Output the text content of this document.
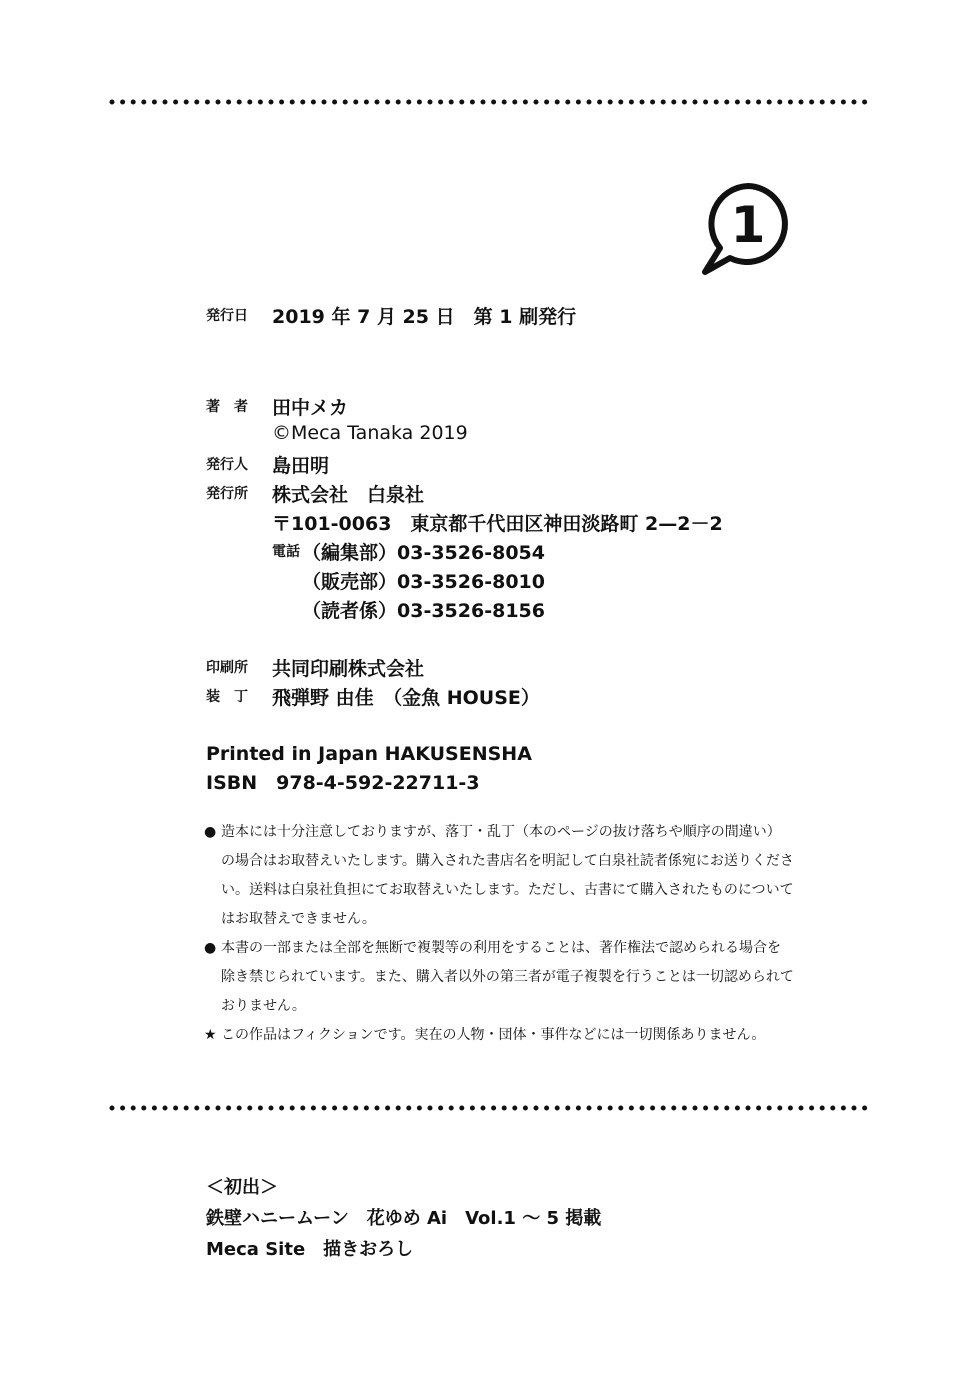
1
発行日 2019 年 7 月 25 日　第 1 刷発行
著　者 田中メカ
©Meca Tanaka 2019
発行人 島田明
発行所 株式会社　白泉社
〒101‐0063　東京都千代田区神田淡路町 2—2－2
電話 （編集部）03-3526-8054
（販売部）03-3526-8010
（読者係）03-3526-8156
印刷所 共同印刷株式会社
装　丁 飛弾野 由佳　（金魚 HOUSE）
Printed in Japan HAKUSENSHA
ISBN　978-4-592-22711-3
● 造本には十分注意しておりますが、落丁・乱丁（本のページの抜け落ちや順序の間違い）の場合はお取替えいたします。購入された書店名を明記して白泉社読者係宛にお送りください。送料は白泉社負担にてお取替えいたします。ただし、古書にて購入されたものについてはお取替えできません。
● 本書の一部または全部を無断で複製等の利用をすることは、著作権法で認められる場合を除き禁じられています。また、購入者以外の第三者が電子複製を行うことは一切認められておりません。
★ この作品はフィクションです。実在の人物・団体・事件などには一切関係ありません。
＜初出＞
鉄壁ハニームーン　花ゆめ Ai　Vol.1 ～ 5 掲載
Meca Site　描きおろし
